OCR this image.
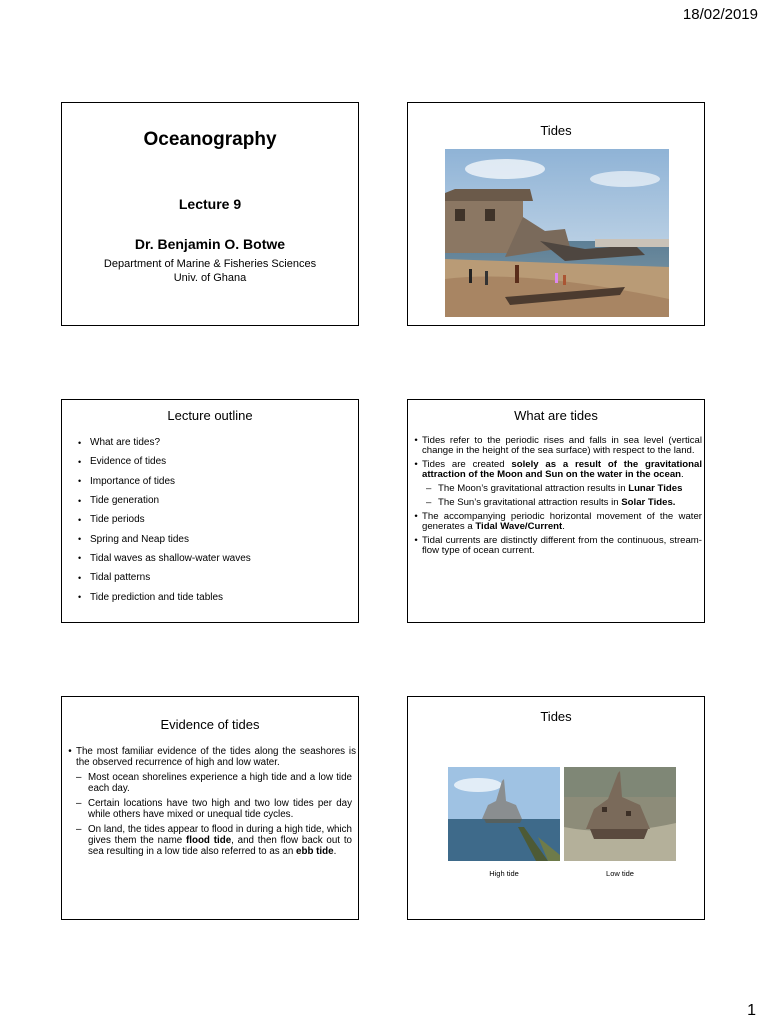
18/02/2019
Oceanography
Lecture 9
Dr. Benjamin O. Botwe
Department of Marine & Fisheries Sciences
Univ. of Ghana
Tides
Lecture outline
• What are tides?
• Evidence of tides
• Importance of tides
• Tide generation
• Tide periods
• Spring and Neap tides
• Tidal waves as shallow-water waves
• Tidal patterns
• Tide prediction and tide tables
What are tides
• Tides refer to the periodic rises and falls in sea level (vertical change in the height of the sea surface) with respect to the land.
• Tides are created solely as a result of the gravitational attraction of the Moon and Sun on the water in the ocean.
– The Moon’s gravitational attraction results in Lunar Tides
– The Sun’s gravitational attraction results in Solar Tides.
• The accompanying periodic horizontal movement of the water generates a Tidal Wave/Current.
• Tidal currents are distinctly different from the continuous, stream-flow type of ocean current.
Evidence of tides
• The most familiar evidence of the tides along the seashores is the observed recurrence of high and low water.
– Most ocean shorelines experience a high tide and a low tide each day.
– Certain locations have two high and two low tides per day while others have mixed or unequal tide cycles.
– On land, the tides appear to flood in during a high tide, which gives them the name flood tide, and then flow back out to sea resulting in a low tide also referred to as an ebb tide.
Tides
High tide	Low tide
1
